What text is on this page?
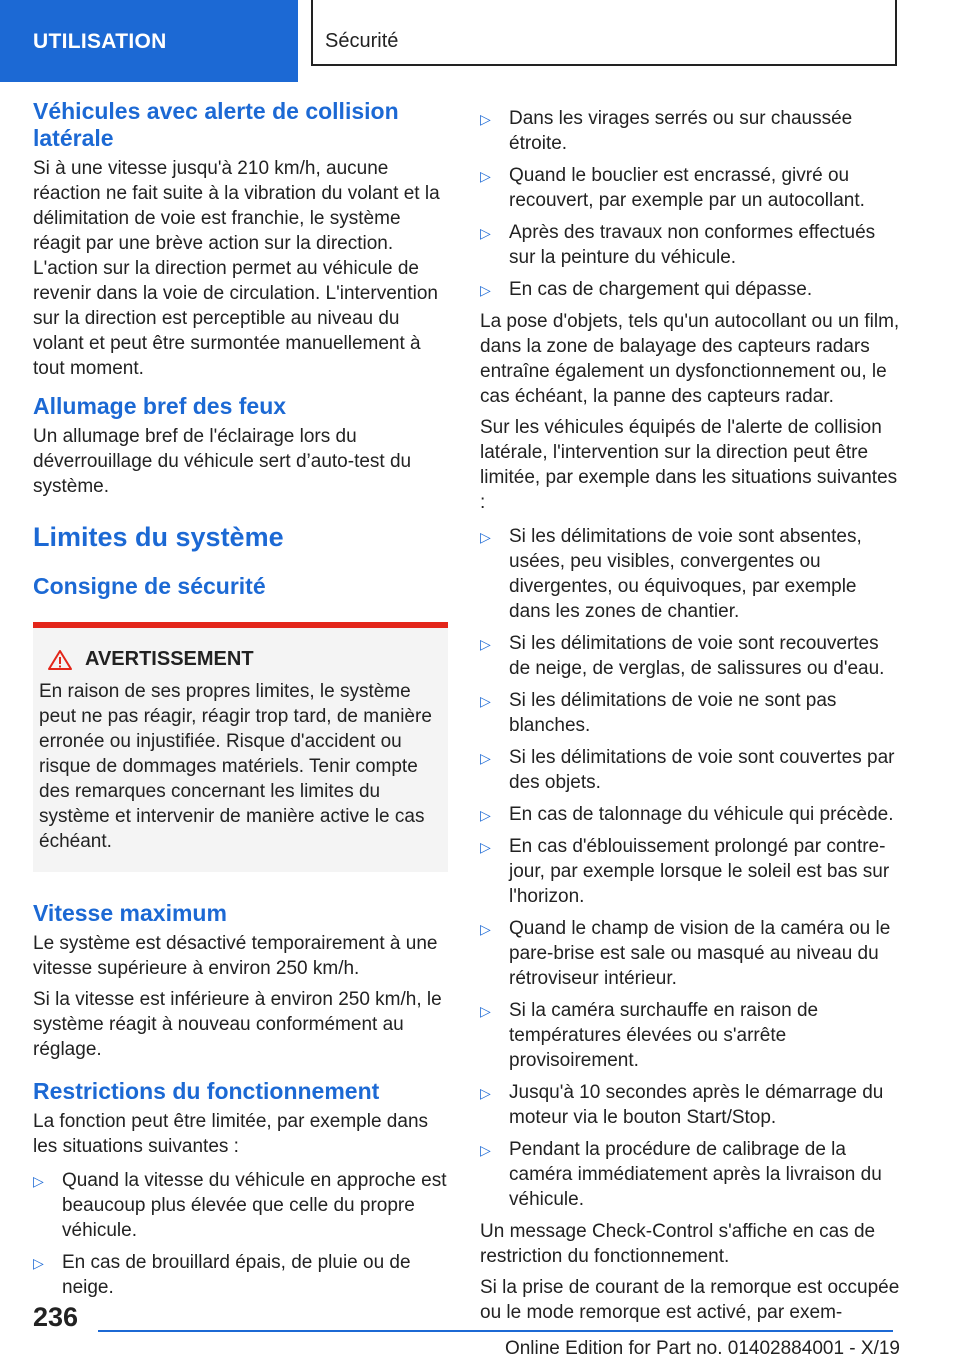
UTILISATION	Sécurité
Véhicules avec alerte de collision latérale

Si à une vitesse jusqu'à 210 km/h, aucune réaction ne fait suite à la vibration du volant et la délimitation de voie est franchie, le système réagit par une brève action sur la direction. L'action sur la direction permet au véhicule de revenir dans la voie de circulation. L'intervention sur la direction est perceptible au niveau du volant et peut être surmontée manuellement à tout moment.

Allumage bref des feux

Un allumage bref de l'éclairage lors du déverrouillage du véhicule sert d’auto-test du système.

Limites du système
Consigne de sécurité
AVERTISSEMENT

En raison de ses propres limites, le système peut ne pas réagir, réagir trop tard, de manière erronée ou injustifiée. Risque d'accident ou risque de dommages matériels. Tenir compte des remarques concernant les limites du système et intervenir de manière active le cas échéant.

Vitesse maximum

Le système est désactivé temporairement à une vitesse supérieure à environ 250 km/h.

Si la vitesse est inférieure à environ 250 km/h, le système réagit à nouveau conformément au réglage.

Restrictions du fonctionnement

La fonction peut être limitée, par exemple dans les situations suivantes :

▷ Quand la vitesse du véhicule en approche est beaucoup plus élevée que celle du propre véhicule.
▷ En cas de brouillard épais, de pluie ou de neige.
▷ Dans les virages serrés ou sur chaussée étroite.
▷ Quand le bouclier est encrassé, givré ou recouvert, par exemple par un autocollant.
▷ Après des travaux non conformes effectués sur la peinture du véhicule.
▷ En cas de chargement qui dépasse.

La pose d'objets, tels qu'un autocollant ou un film, dans la zone de balayage des capteurs radars entraîne également un dysfonctionnement ou, le cas échéant, la panne des capteurs radar.

Sur les véhicules équipés de l'alerte de collision latérale, l'intervention sur la direction peut être limitée, par exemple dans les situations suivantes :

▷ Si les délimitations de voie sont absentes, usées, peu visibles, convergentes ou divergentes, ou équivoques, par exemple dans les zones de chantier.
▷ Si les délimitations de voie sont recouvertes de neige, de verglas, de salissures ou d'eau.
▷ Si les délimitations de voie ne sont pas blanches.
▷ Si les délimitations de voie sont couvertes par des objets.
▷ En cas de talonnage du véhicule qui précède.
▷ En cas d'éblouissement prolongé par contre-jour, par exemple lorsque le soleil est bas sur l'horizon.
▷ Quand le champ de vision de la caméra ou le pare-brise est sale ou masqué au niveau du rétroviseur intérieur.
▷ Si la caméra surchauffe en raison de températures élevées ou s'arrête provisoirement.
▷ Jusqu'à 10 secondes après le démarrage du moteur via le bouton Start/Stop.
▷ Pendant la procédure de calibrage de la caméra immédiatement après la livraison du véhicule.

Un message Check-Control s'affiche en cas de restriction du fonctionnement.

Si la prise de courant de la remorque est occupée ou le mode remorque est activé, par exem-

236
Online Edition for Part no. 01402884001 - X/19
